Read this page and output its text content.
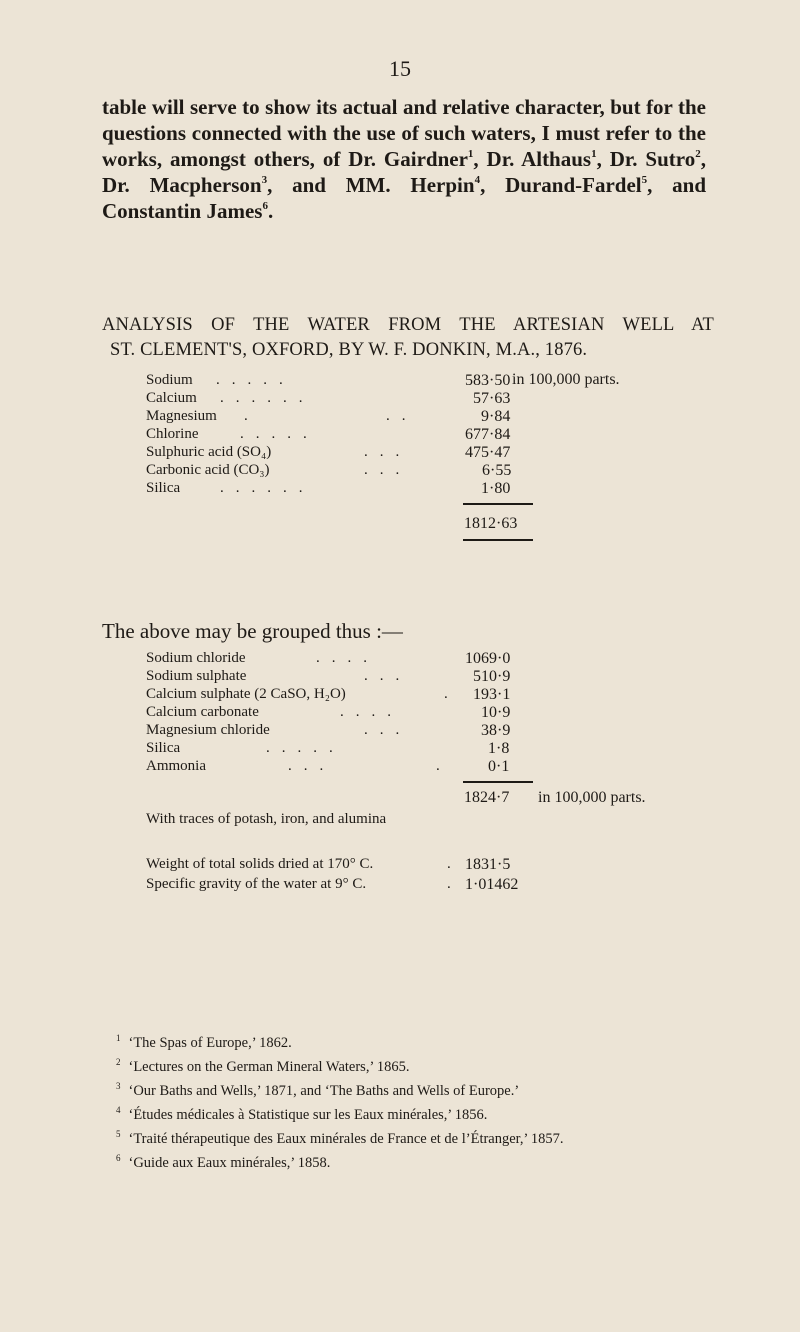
15

table will serve to show its actual and relative character, but for the questions connected with the use of such waters, I must refer to the works, amongst others, of Dr. Gairdner$^1$, Dr. Althaus$^1$, Dr. Sutro$^2$, Dr. Macpherson$^3$, and MM. Herpin$^4$, Durand-Fardel$^5$, and Constantin James$^6$.

ANALYSIS OF THE WATER FROM THE ARTESIAN WELL AT
ST. CLEMENT'S, OXFORD, BY W. F. DONKIN, M.A., 1876.
Sodium .....	583·50
Calcium ......	57·63
Magnesium .	..	9·84
Chlorine	.....	677·84
Sulphuric acid (SO₄)	...	475·47
Carbonic acid (CO₃)	...	6·55
Silica	......	1·80
in 100,000 parts.
1812·63
The above may be grouped thus :—
Sodium chloride	....	1069·0
Sodium sulphate	...	510·9
Calcium sulphate (2 CaSO, H₂O)	. 193·1
Calcium carbonate	....	10·9
Magnesium chloride	...	38·9
Silica	.....	1·8
Ammonia	...	. 0·1
1824·7 in 100,000 parts.
With traces of potash, iron, and alumina
Weight of total solids dried at 170° C.	. 1831·5
Specific gravity of the water at 9° C.	. 1·01462

$^1$ ‘The Spas of Europe,’ 1862.

$^2$ ‘Lectures on the German Mineral Waters,’ 1865.

$^3$ ‘Our Baths and Wells,’ 1871, and ‘The Baths and Wells of Europe.’

$^4$ ‘Études médicales à Statistique sur les Eaux minérales,’ 1856.

$^5$ ‘Traité thérapeutique des Eaux minérales de France et de l’Étranger,’ 1857.

$^6$ ‘Guide aux Eaux minérales,’ 1858.
